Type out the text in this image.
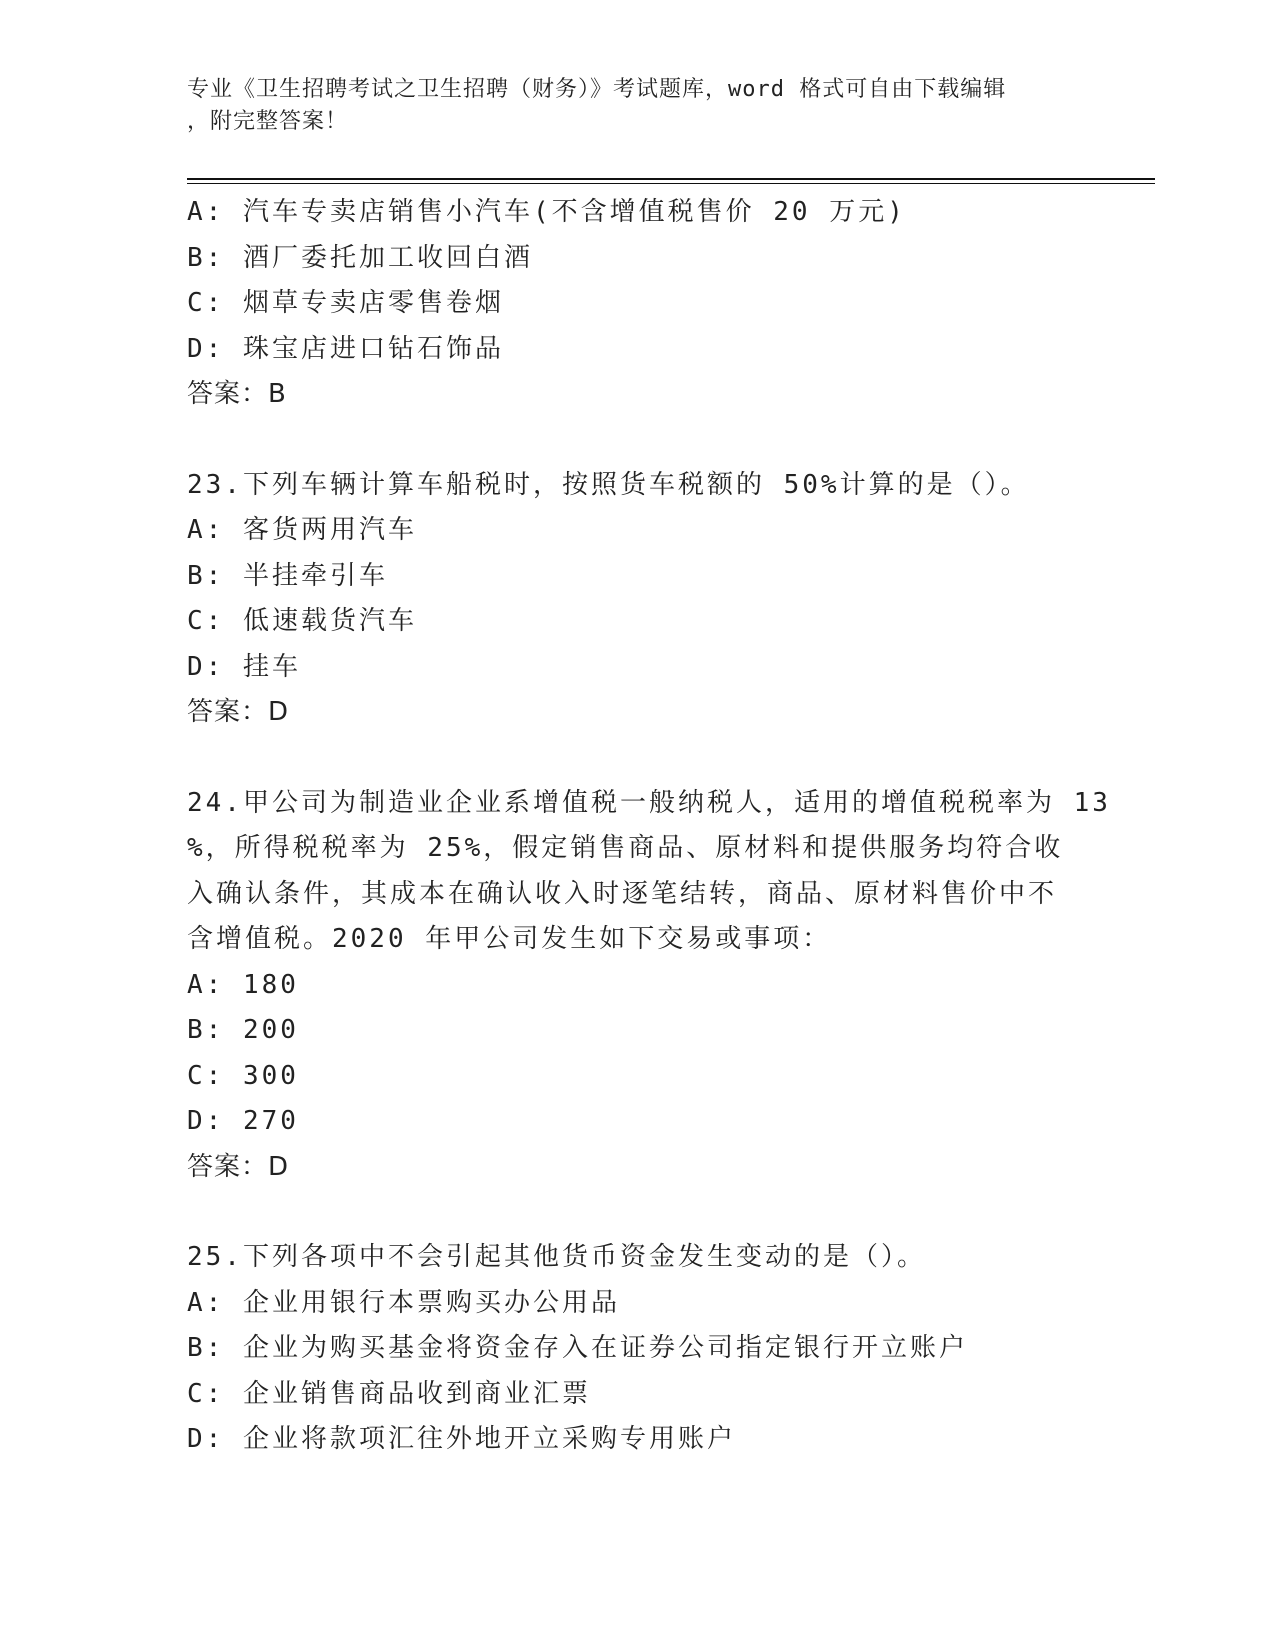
专业《卫生招聘考试之卫生招聘（财务）》考试题库，word 格式可自由下载编辑
，附完整答案！
A: 汽车专卖店销售小汽车(不含增值税售价 20 万元)
B: 酒厂委托加工收回白酒
C: 烟草专卖店零售卷烟
D: 珠宝店进口钻石饰品
答案：B
23.下列车辆计算车船税时，按照货车税额的 50%计算的是（）。
A: 客货两用汽车
B: 半挂牵引车
C: 低速载货汽车
D: 挂车
答案：D
24.甲公司为制造业企业系增值税一般纳税人，适用的增值税税率为 13
%，所得税税率为 25%，假定销售商品、原材料和提供服务均符合收
入确认条件，其成本在确认收入时逐笔结转，商品、原材料售价中不
含增值税。2020 年甲公司发生如下交易或事项：
A: 180
B: 200
C: 300
D: 270
答案：D
25.下列各项中不会引起其他货币资金发生变动的是（）。
A: 企业用银行本票购买办公用品
B: 企业为购买基金将资金存入在证券公司指定银行开立账户
C: 企业销售商品收到商业汇票
D: 企业将款项汇往外地开立采购专用账户
